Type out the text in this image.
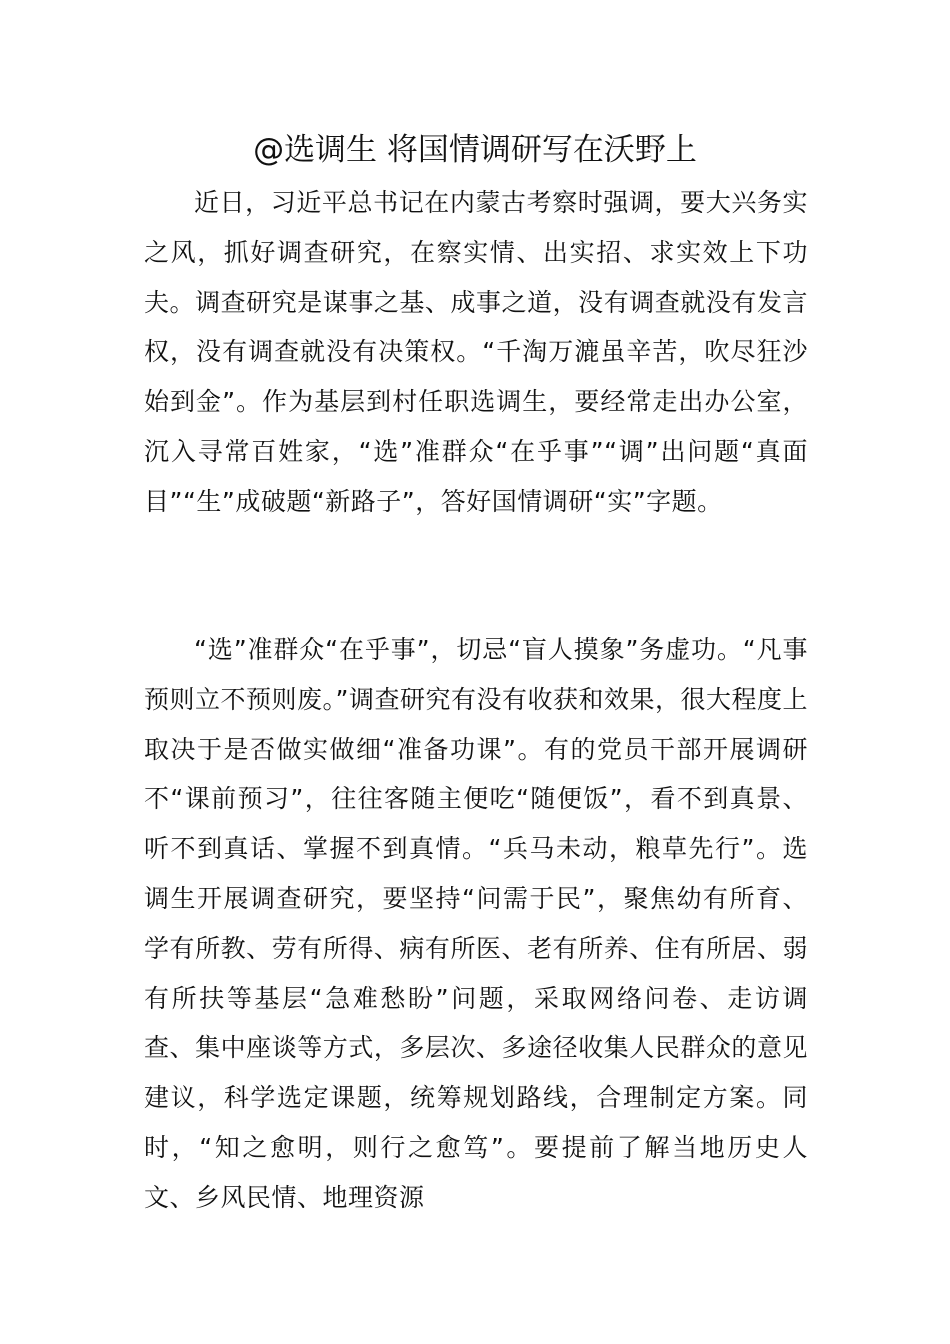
@选调生 将国情调研写在沃野上

近日，习近平总书记在内蒙古考察时强调，要大兴务实之风，抓好调查研究，在察实情、出实招、求实效上下功夫。调查研究是谋事之基、成事之道，没有调查就没有发言权，没有调查就没有决策权。“千淘万漉虽辛苦，吹尽狂沙始到金”。作为基层到村任职选调生，要经常走出办公室，沉入寻常百姓家，“选”准群众“在乎事”“调”出问题“真面目”“生”成破题“新路子”，答好国情调研“实”字题。

“选”准群众“在乎事”，切忌“盲人摸象”务虚功。“凡事预则立不预则废。”调查研究有没有收获和效果，很大程度上取决于是否做实做细“准备功课”。有的党员干部开展调研不“课前预习”，往往客随主便吃“随便饭”，看不到真景、听不到真话、掌握不到真情。“兵马未动，粮草先行”。选调生开展调查研究，要坚持“问需于民”，聚焦幼有所育、学有所教、劳有所得、病有所医、老有所养、住有所居、弱有所扶等基层“急难愁盼”问题，采取网络问卷、走访调查、集中座谈等方式，多层次、多途径收集人民群众的意见建议，科学选定课题，统筹规划路线，合理制定方案。同时，“知之愈明，则行之愈笃”。要提前了解当地历史人文、乡风民情、地理资源
